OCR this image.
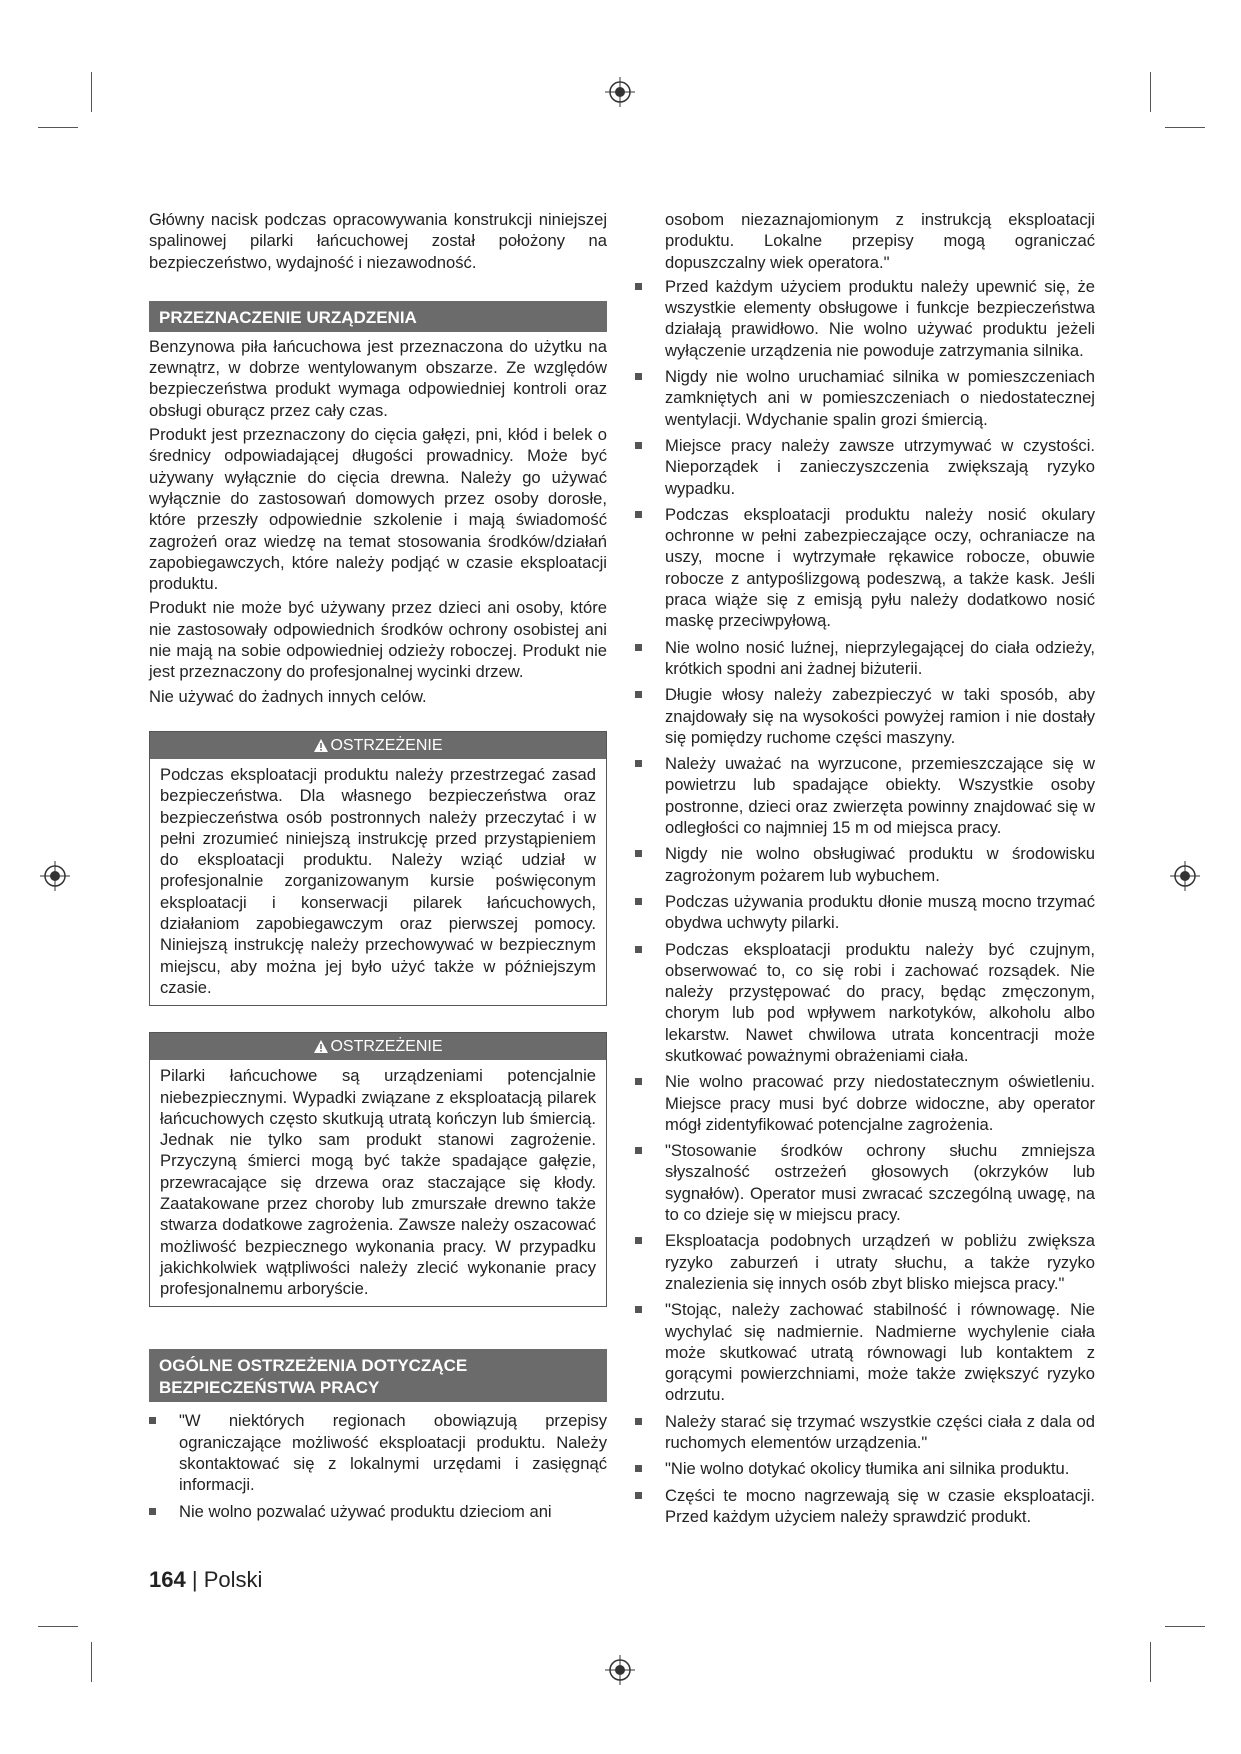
Główny nacisk podczas opracowywania konstrukcji niniejszej spalinowej pilarki łańcuchowej został położony na bezpieczeństwo, wydajność i niezawodność.

PRZEZNACZENIE URZĄDZENIA

Benzynowa piła łańcuchowa jest przeznaczona do użytku na zewnątrz, w dobrze wentylowanym obszarze. Ze względów bezpieczeństwa produkt wymaga odpowiedniej kontroli oraz obsługi oburącz przez cały czas.

Produkt jest przeznaczony do cięcia gałęzi, pni, kłód i belek o średnicy odpowiadającej długości prowadnicy. Może być używany wyłącznie do cięcia drewna. Należy go używać wyłącznie do zastosowań domowych przez osoby dorosłe, które przeszły odpowiednie szkolenie i mają świadomość zagrożeń oraz wiedzę na temat stosowania środków/działań zapobiegawczych, które należy podjąć w czasie eksploatacji produktu.

Produkt nie może być używany przez dzieci ani osoby, które nie zastosowały odpowiednich środków ochrony osobistej ani nie mają na sobie odpowiedniej odzieży roboczej. Produkt nie jest przeznaczony do profesjonalnej wycinki drzew.

Nie używać do żadnych innych celów.

OSTRZEŻENIE

Podczas eksploatacji produktu należy przestrzegać zasad bezpieczeństwa. Dla własnego bezpieczeństwa oraz bezpieczeństwa osób postronnych należy przeczytać i w pełni zrozumieć niniejszą instrukcję przed przystąpieniem do eksploatacji produktu. Należy wziąć udział w profesjonalnie zorganizowanym kursie poświęconym eksploatacji i konserwacji pilarek łańcuchowych, działaniom zapobiegawczym oraz pierwszej pomocy. Niniejszą instrukcję należy przechowywać w bezpiecznym miejscu, aby można jej było użyć także w późniejszym czasie.

OSTRZEŻENIE

Pilarki łańcuchowe są urządzeniami potencjalnie niebezpiecznymi. Wypadki związane z eksploatacją pilarek łańcuchowych często skutkują utratą kończyn lub śmiercią. Jednak nie tylko sam produkt stanowi zagrożenie. Przyczyną śmierci mogą być także spadające gałęzie, przewracające się drzewa oraz staczające się kłody. Zaatakowane przez choroby lub zmurszałe drewno także stwarza dodatkowe zagrożenia. Zawsze należy oszacować możliwość bezpiecznego wykonania pracy. W przypadku jakichkolwiek wątpliwości należy zlecić wykonanie pracy profesjonalnemu arboryście.

OGÓLNE OSTRZEŻENIA DOTYCZĄCE
BEZPIECZEŃSTWA PRACY
"W niektórych regionach obowiązują przepisy ograniczające możliwość eksploatacji produktu. Należy skontaktować się z lokalnymi urzędami i zasięgnąć informacji.
Nie wolno pozwalać używać produktu dzieciom ani

osobom niezaznajomionym z instrukcją eksploatacji produktu. Lokalne przepisy mogą ograniczać dopuszczalny wiek operatora."

Przed każdym użyciem produktu należy upewnić się, że wszystkie elementy obsługowe i funkcje bezpieczeństwa działają prawidłowo. Nie wolno używać produktu jeżeli wyłączenie urządzenia nie powoduje zatrzymania silnika.
Nigdy nie wolno uruchamiać silnika w pomieszczeniach zamkniętych ani w pomieszczeniach o niedostatecznej wentylacji. Wdychanie spalin grozi śmiercią.
Miejsce pracy należy zawsze utrzymywać w czystości. Nieporządek i zanieczyszczenia zwiększają ryzyko wypadku.
Podczas eksploatacji produktu należy nosić okulary ochronne w pełni zabezpieczające oczy, ochraniacze na uszy, mocne i wytrzymałe rękawice robocze, obuwie robocze z antypoślizgową podeszwą, a także kask. Jeśli praca wiąże się z emisją pyłu należy dodatkowo nosić maskę przeciwpyłową.
Nie wolno nosić luźnej, nieprzylegającej do ciała odzieży, krótkich spodni ani żadnej biżuterii.
Długie włosy należy zabezpieczyć w taki sposób, aby znajdowały się na wysokości powyżej ramion i nie dostały się pomiędzy ruchome części maszyny.
Należy uważać na wyrzucone, przemieszczające się w powietrzu lub spadające obiekty. Wszystkie osoby postronne, dzieci oraz zwierzęta powinny znajdować się w odległości co najmniej 15 m od miejsca pracy.
Nigdy nie wolno obsługiwać produktu w środowisku zagrożonym pożarem lub wybuchem.
Podczas używania produktu dłonie muszą mocno trzymać obydwa uchwyty pilarki.
Podczas eksploatacji produktu należy być czujnym, obserwować to, co się robi i zachować rozsądek. Nie należy przystępować do pracy, będąc zmęczonym, chorym lub pod wpływem narkotyków, alkoholu albo lekarstw. Nawet chwilowa utrata koncentracji może skutkować poważnymi obrażeniami ciała.
Nie wolno pracować przy niedostatecznym oświetleniu. Miejsce pracy musi być dobrze widoczne, aby operator mógł zidentyfikować potencjalne zagrożenia.
"Stosowanie środków ochrony słuchu zmniejsza słyszalność ostrzeżeń głosowych (okrzyków lub sygnałów). Operator musi zwracać szczególną uwagę, na to co dzieje się w miejscu pracy.
Eksploatacja podobnych urządzeń w pobliżu zwiększa ryzyko zaburzeń i utraty słuchu, a także ryzyko znalezienia się innych osób zbyt blisko miejsca pracy."
"Stojąc, należy zachować stabilność i równowagę. Nie wychylać się nadmiernie. Nadmierne wychylenie ciała może skutkować utratą równowagi lub kontaktem z gorącymi powierzchniami, może także zwiększyć ryzyko odrzutu.
Należy starać się trzymać wszystkie części ciała z dala od ruchomych elementów urządzenia."
"Nie wolno dotykać okolicy tłumika ani silnika produktu.
Części te mocno nagrzewają się w czasie eksploatacji. Przed każdym użyciem należy sprawdzić produkt.
164 | Polski
